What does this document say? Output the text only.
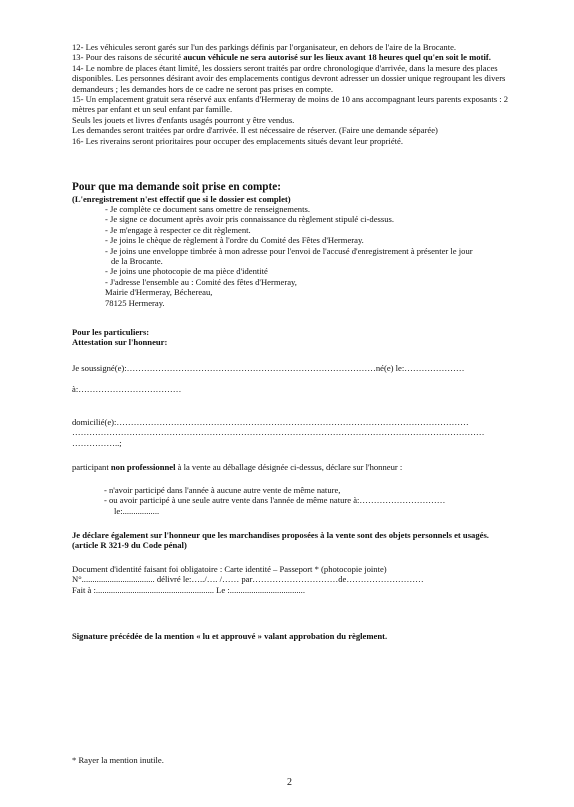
12- Les véhicules seront garés sur l'un des parkings définis par l'organisateur, en dehors de l'aire de la Brocante.

13- Pour des raisons de sécurité aucun véhicule ne sera autorisé sur les lieux avant 18 heures quel qu'en soit le motif.

14- Le nombre de places étant limité, les dossiers seront traités par ordre chronologique d'arrivée, dans la mesure des places disponibles. Les personnes désirant avoir des emplacements contigus devront adresser un dossier unique regroupant les divers demandeurs ; les demandes hors de ce cadre ne seront pas prises en compte.

15- Un emplacement gratuit sera réservé aux enfants d'Hermeray de moins de 10 ans accompagnant leurs parents exposants : 2 mètres par enfant et un seul enfant par famille.

Seuls les jouets et livres d'enfants usagés pourront y être vendus.

Les demandes seront traitées par ordre d'arrivée. Il est nécessaire de réserver. (Faire une demande séparée)

16- Les riverains seront prioritaires pour occuper des emplacements situés devant leur propriété.

Pour que ma demande soit prise en compte:
(L'enregistrement n'est effectif que si le dossier est complet)
- Je complète ce document sans omettre de renseignements.
- Je signe ce document après avoir pris connaissance du règlement stipulé ci-dessus.
- Je m'engage à respecter ce dit règlement.
- Je joins le chèque de règlement à l'ordre du Comité des Fêtes d'Hermeray.
- Je joins une enveloppe timbrée à mon adresse pour l'envoi de l'accusé d'enregistrement à présenter le jour
de la Brocante.
- Je joins une photocopie de ma pièce d'identité
- J'adresse l'ensemble au : Comité des fêtes d'Hermeray,
Mairie d'Hermeray, Béchereau,
78125 Hermeray.

Pour les particuliers:

Attestation sur l'honneur:

Je soussigné(e):……………………………………………………………………………né(e) le:…………………
à:………………………………

domicilié(e):……………………………………………………………………………………………………………

………………………………………………………………………………………………………………………………

……………..;

participant non professionnel à la vente au déballage désignée ci-dessus, déclare sur l'honneur :

- n'avoir participé dans l'année à aucune autre vente de même nature,

- ou avoir participé à une seule autre vente dans l'année de même nature à:…………………………

le:.................

Je déclare également sur l'honneur que les marchandises proposées à la vente sont des objets personnels et usagés. (article R 321-9 du Code pénal)

Document d'identité faisant foi obligatoire : Carte identité – Passeport * (photocopie jointe)

N°.................................. délivré le:…../…. /…… par…………………………de………………………

Fait à :....................................................... Le :...................................

Signature précédée de la mention « lu et approuvé » valant approbation du règlement.
* Rayer la mention inutile.
2
